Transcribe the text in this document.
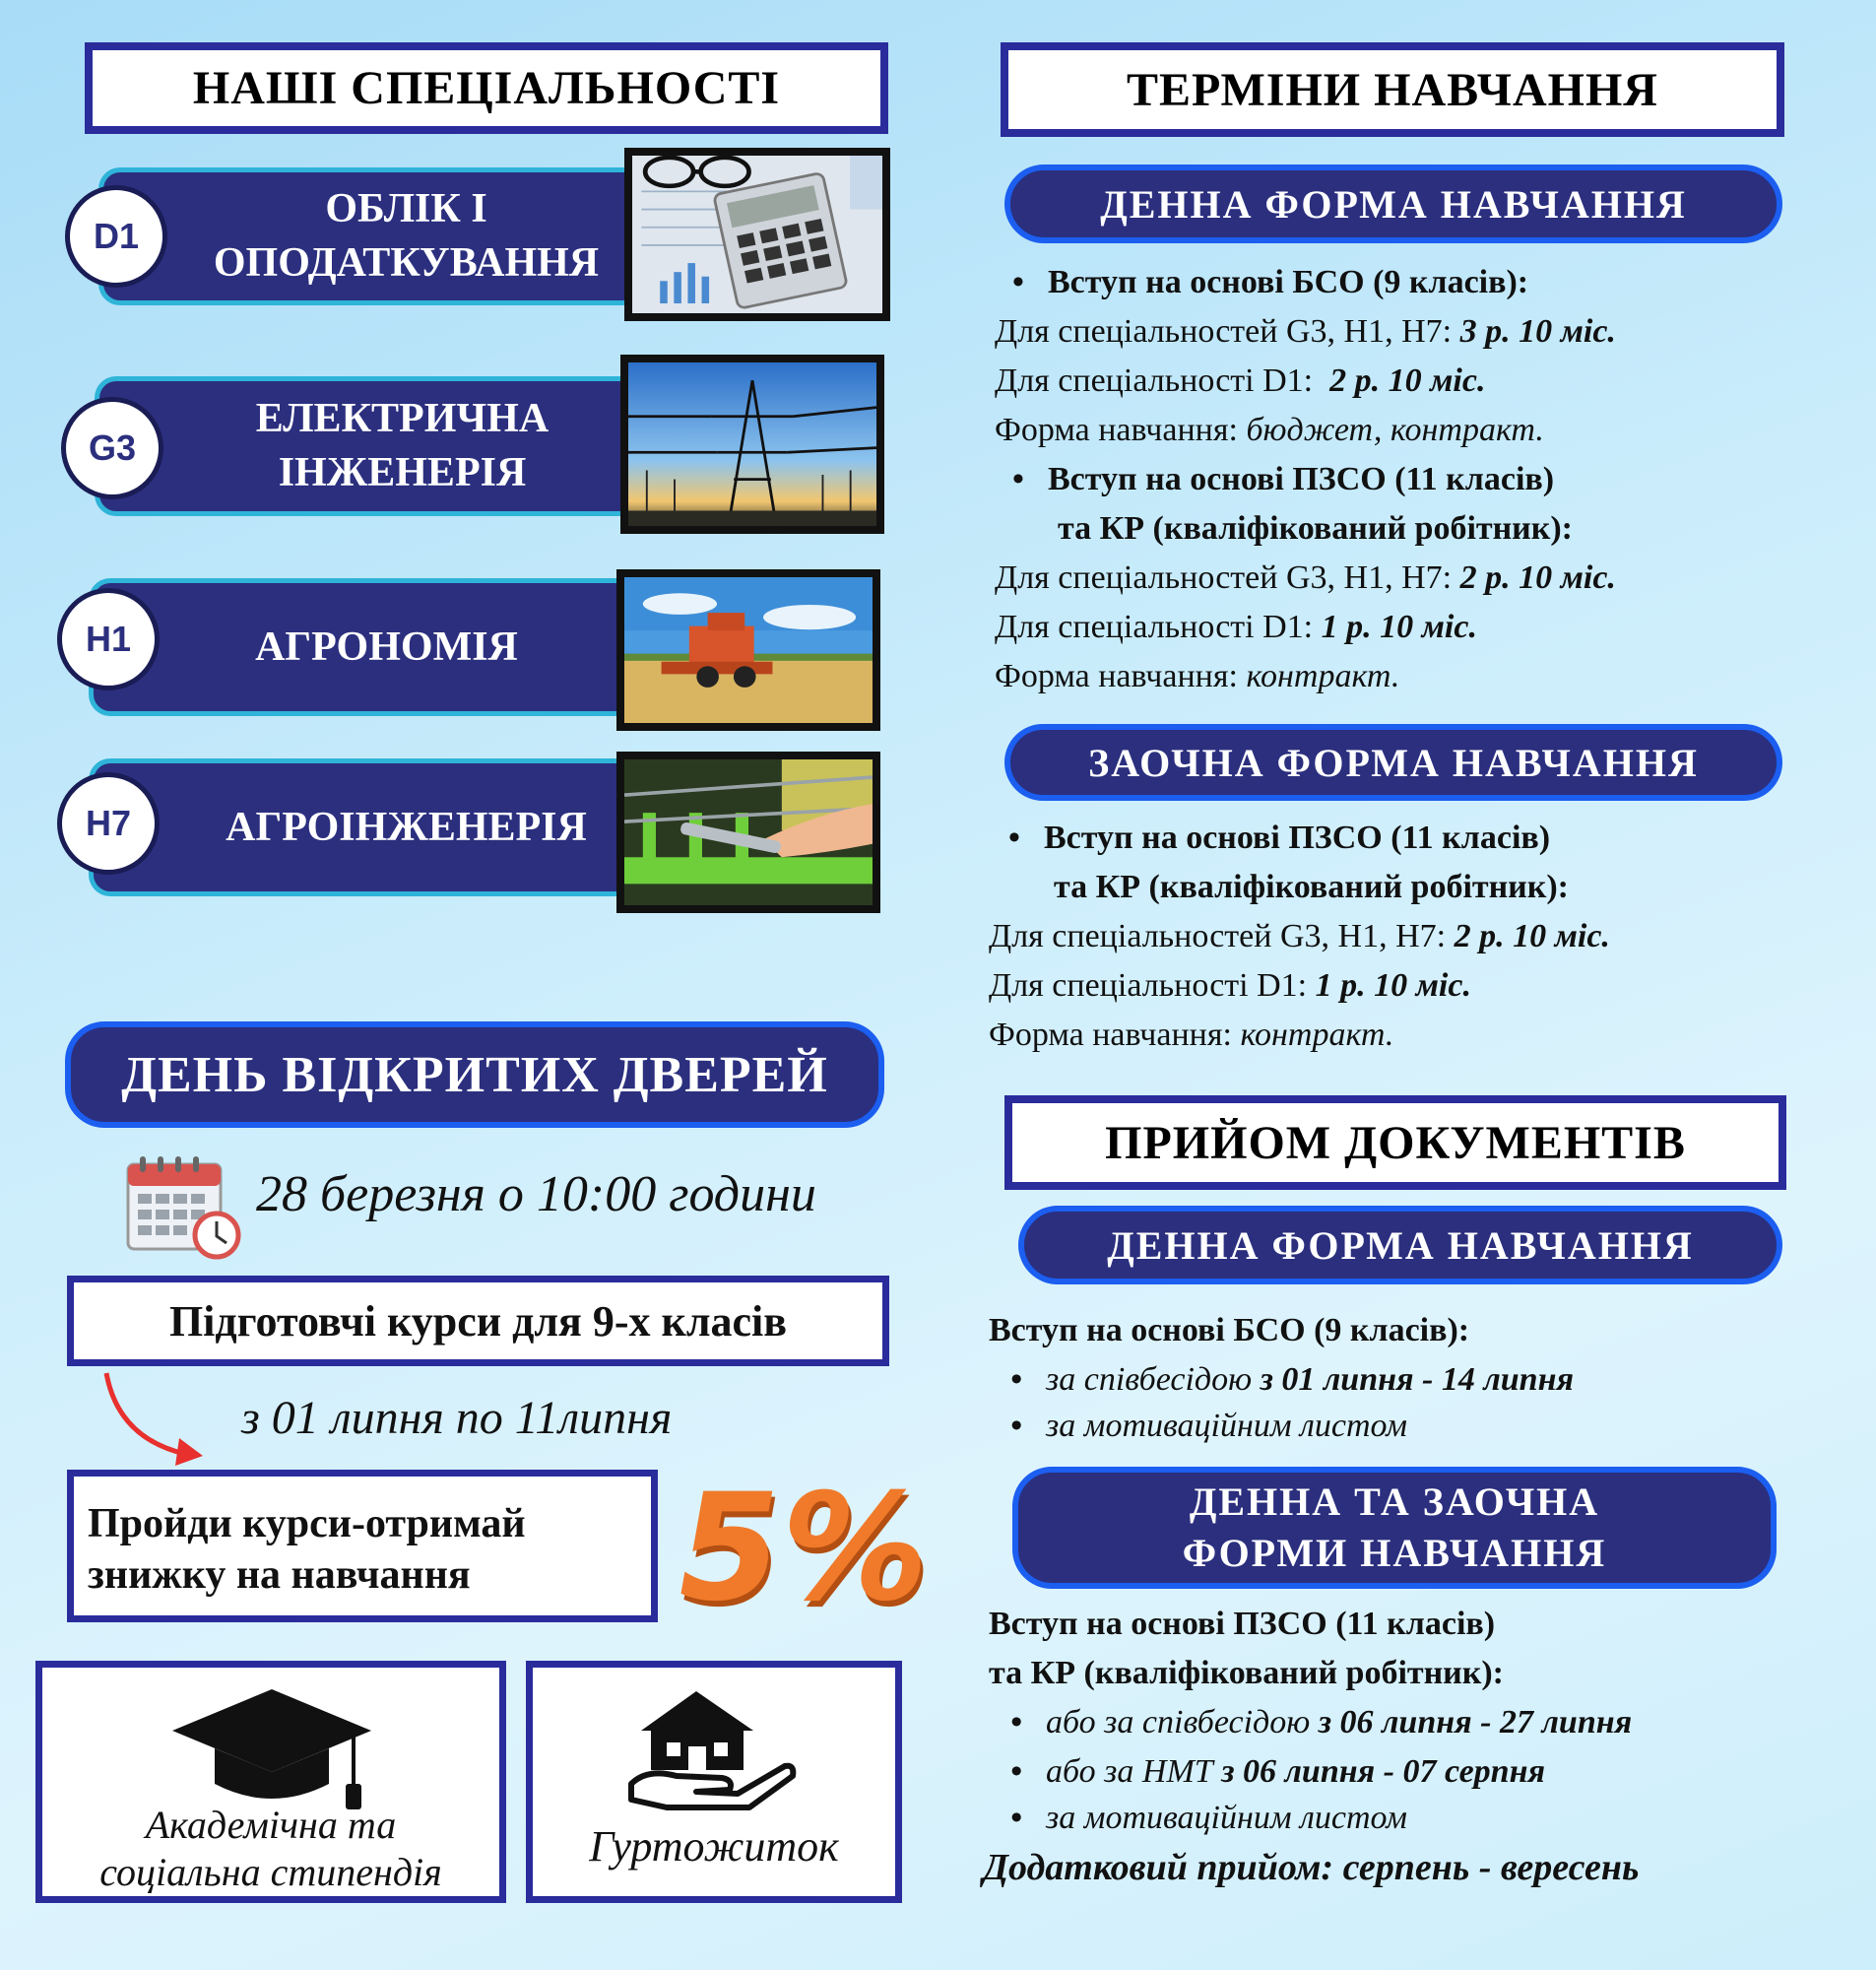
НАШІ СПЕЦІАЛЬНОСТІ
ОБЛІК І ОПОДАТКУВАННЯ
D1
ЕЛЕКТРИЧНА ІНЖЕНЕРІЯ
G3
АГРОНОМІЯ
H1
АГРОІНЖЕНЕРІЯ
H7
ДЕНЬ ВІДКРИТИХ ДВЕРЕЙ
28 березня о 10:00 години
Підготовчі курси для 9-х класів
з 01 липня по 11липня
Пройди курси-отримай
знижку на навчання	5%
Академічна та
соціальна стипендія
Гуртожиток
ТЕРМІНИ НАВЧАННЯ
ДЕННА ФОРМА НАВЧАННЯ
• Вступ на основі БСО (9 класів):
Для спеціальностей G3, H1, H7: 3 р. 10 міс.
Для спеціальності D1: 2 р. 10 міс.
Форма навчання: бюджет, контракт.
• Вступ на основі ПЗСО (11 класів)
та КР (кваліфікований робітник):
Для спеціальностей G3, H1, H7: 2 р. 10 міс.
Для спеціальності D1: 1 р. 10 міс.
Форма навчання: контракт.
ЗАОЧНА ФОРМА НАВЧАННЯ
• Вступ на основі ПЗСО (11 класів)
та КР (кваліфікований робітник):
Для спеціальностей G3, H1, H7: 2 р. 10 міс.
Для спеціальності D1: 1 р. 10 міс.
Форма навчання: контракт.
ПРИЙОМ ДОКУМЕНТІВ
ДЕННА ФОРМА НАВЧАННЯ
Вступ на основі БСО (9 класів):
• за співбесідою з 01 липня - 14 липня
• за мотиваційним листом
ДЕННА ТА ЗАОЧНА
ФОРМИ НАВЧАННЯ
Вступ на основі ПЗСО (11 класів)
та КР (кваліфікований робітник):
• або за співбесідою з 06 липня - 27 липня
• або за НМТ з 06 липня - 07 серпня
• за мотиваційним листом
Додатковий прийом: серпень - вересень
